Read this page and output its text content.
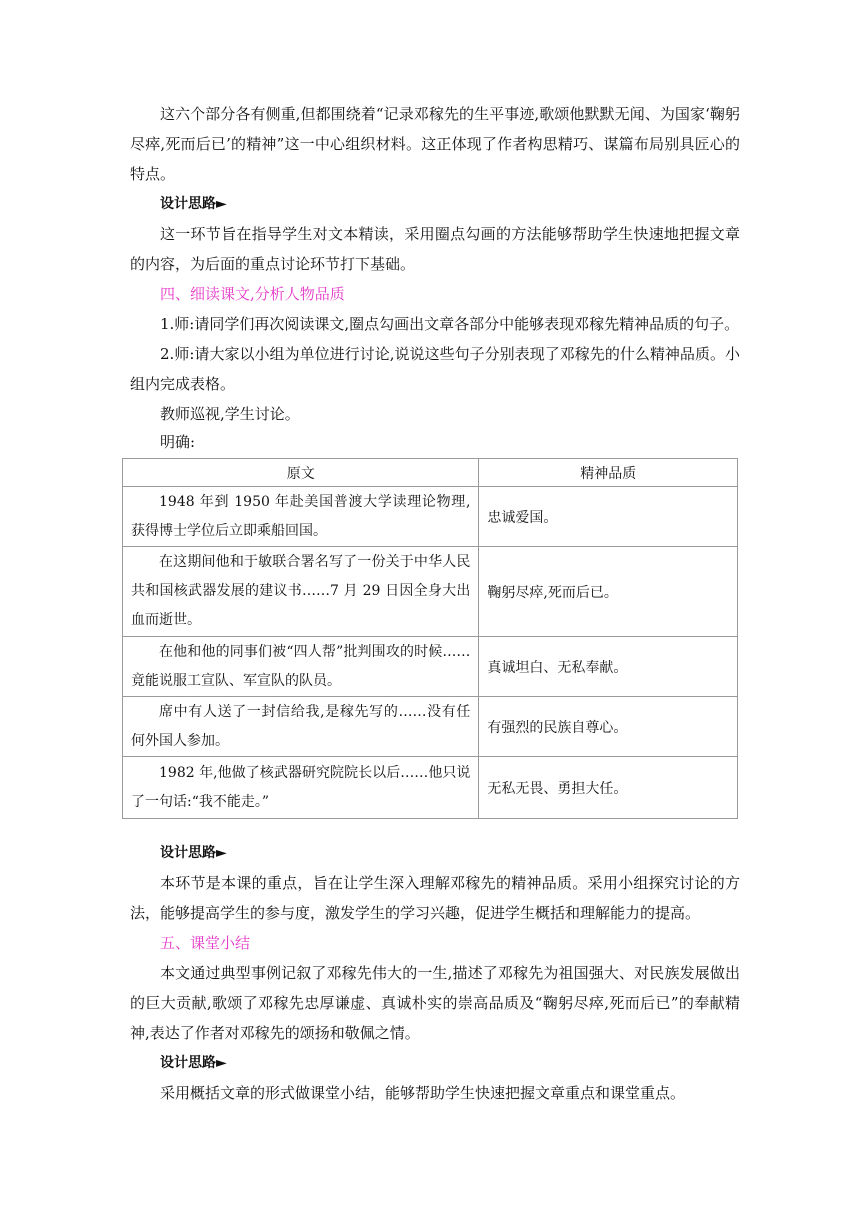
这六个部分各有侧重,但都围绕着“记录邓稼先的生平事迹,歌颂他默默无闻、为国家‘鞠躬尽瘁,死而后已’的精神”这一中心组织材料。这正体现了作者构思精巧、谋篇布局别具匠心的特点。

设计思路►

这一环节旨在指导学生对文本精读，采用圈点勾画的方法能够帮助学生快速地把握文章的内容，为后面的重点讨论环节打下基础。

四、细读课文,分析人物品质

1.师:请同学们再次阅读课文,圈点勾画出文章各部分中能够表现邓稼先精神品质的句子。

2.师:请大家以小组为单位进行讨论,说说这些句子分别表现了邓稼先的什么精神品质。小组内完成表格。

教师巡视,学生讨论。

明确:

原文	精神品质
1948 年到 1950 年赴美国普渡大学读理论物理,获得博士学位后立即乘船回国。	忠诚爱国。
在这期间他和于敏联合署名写了一份关于中华人民共和国核武器发展的建议书……7 月 29 日因全身大出血而逝世。	鞠躬尽瘁,死而后已。
在他和他的同事们被“四人帮”批判围攻的时候……竟能说服工宣队、军宣队的队员。	真诚坦白、无私奉献。
席中有人送了一封信给我,是稼先写的……没有任何外国人参加。	有强烈的民族自尊心。
1982 年,他做了核武器研究院院长以后……他只说了一句话:“我不能走。”	无私无畏、勇担大任。

设计思路►

本环节是本课的重点，旨在让学生深入理解邓稼先的精神品质。采用小组探究讨论的方法，能够提高学生的参与度，激发学生的学习兴趣，促进学生概括和理解能力的提高。

五、课堂小结

本文通过典型事例记叙了邓稼先伟大的一生,描述了邓稼先为祖国强大、对民族发展做出的巨大贡献,歌颂了邓稼先忠厚谦虚、真诚朴实的崇高品质及“鞠躬尽瘁,死而后已”的奉献精神,表达了作者对邓稼先的颂扬和敬佩之情。

设计思路►

采用概括文章的形式做课堂小结，能够帮助学生快速把握文章重点和课堂重点。
